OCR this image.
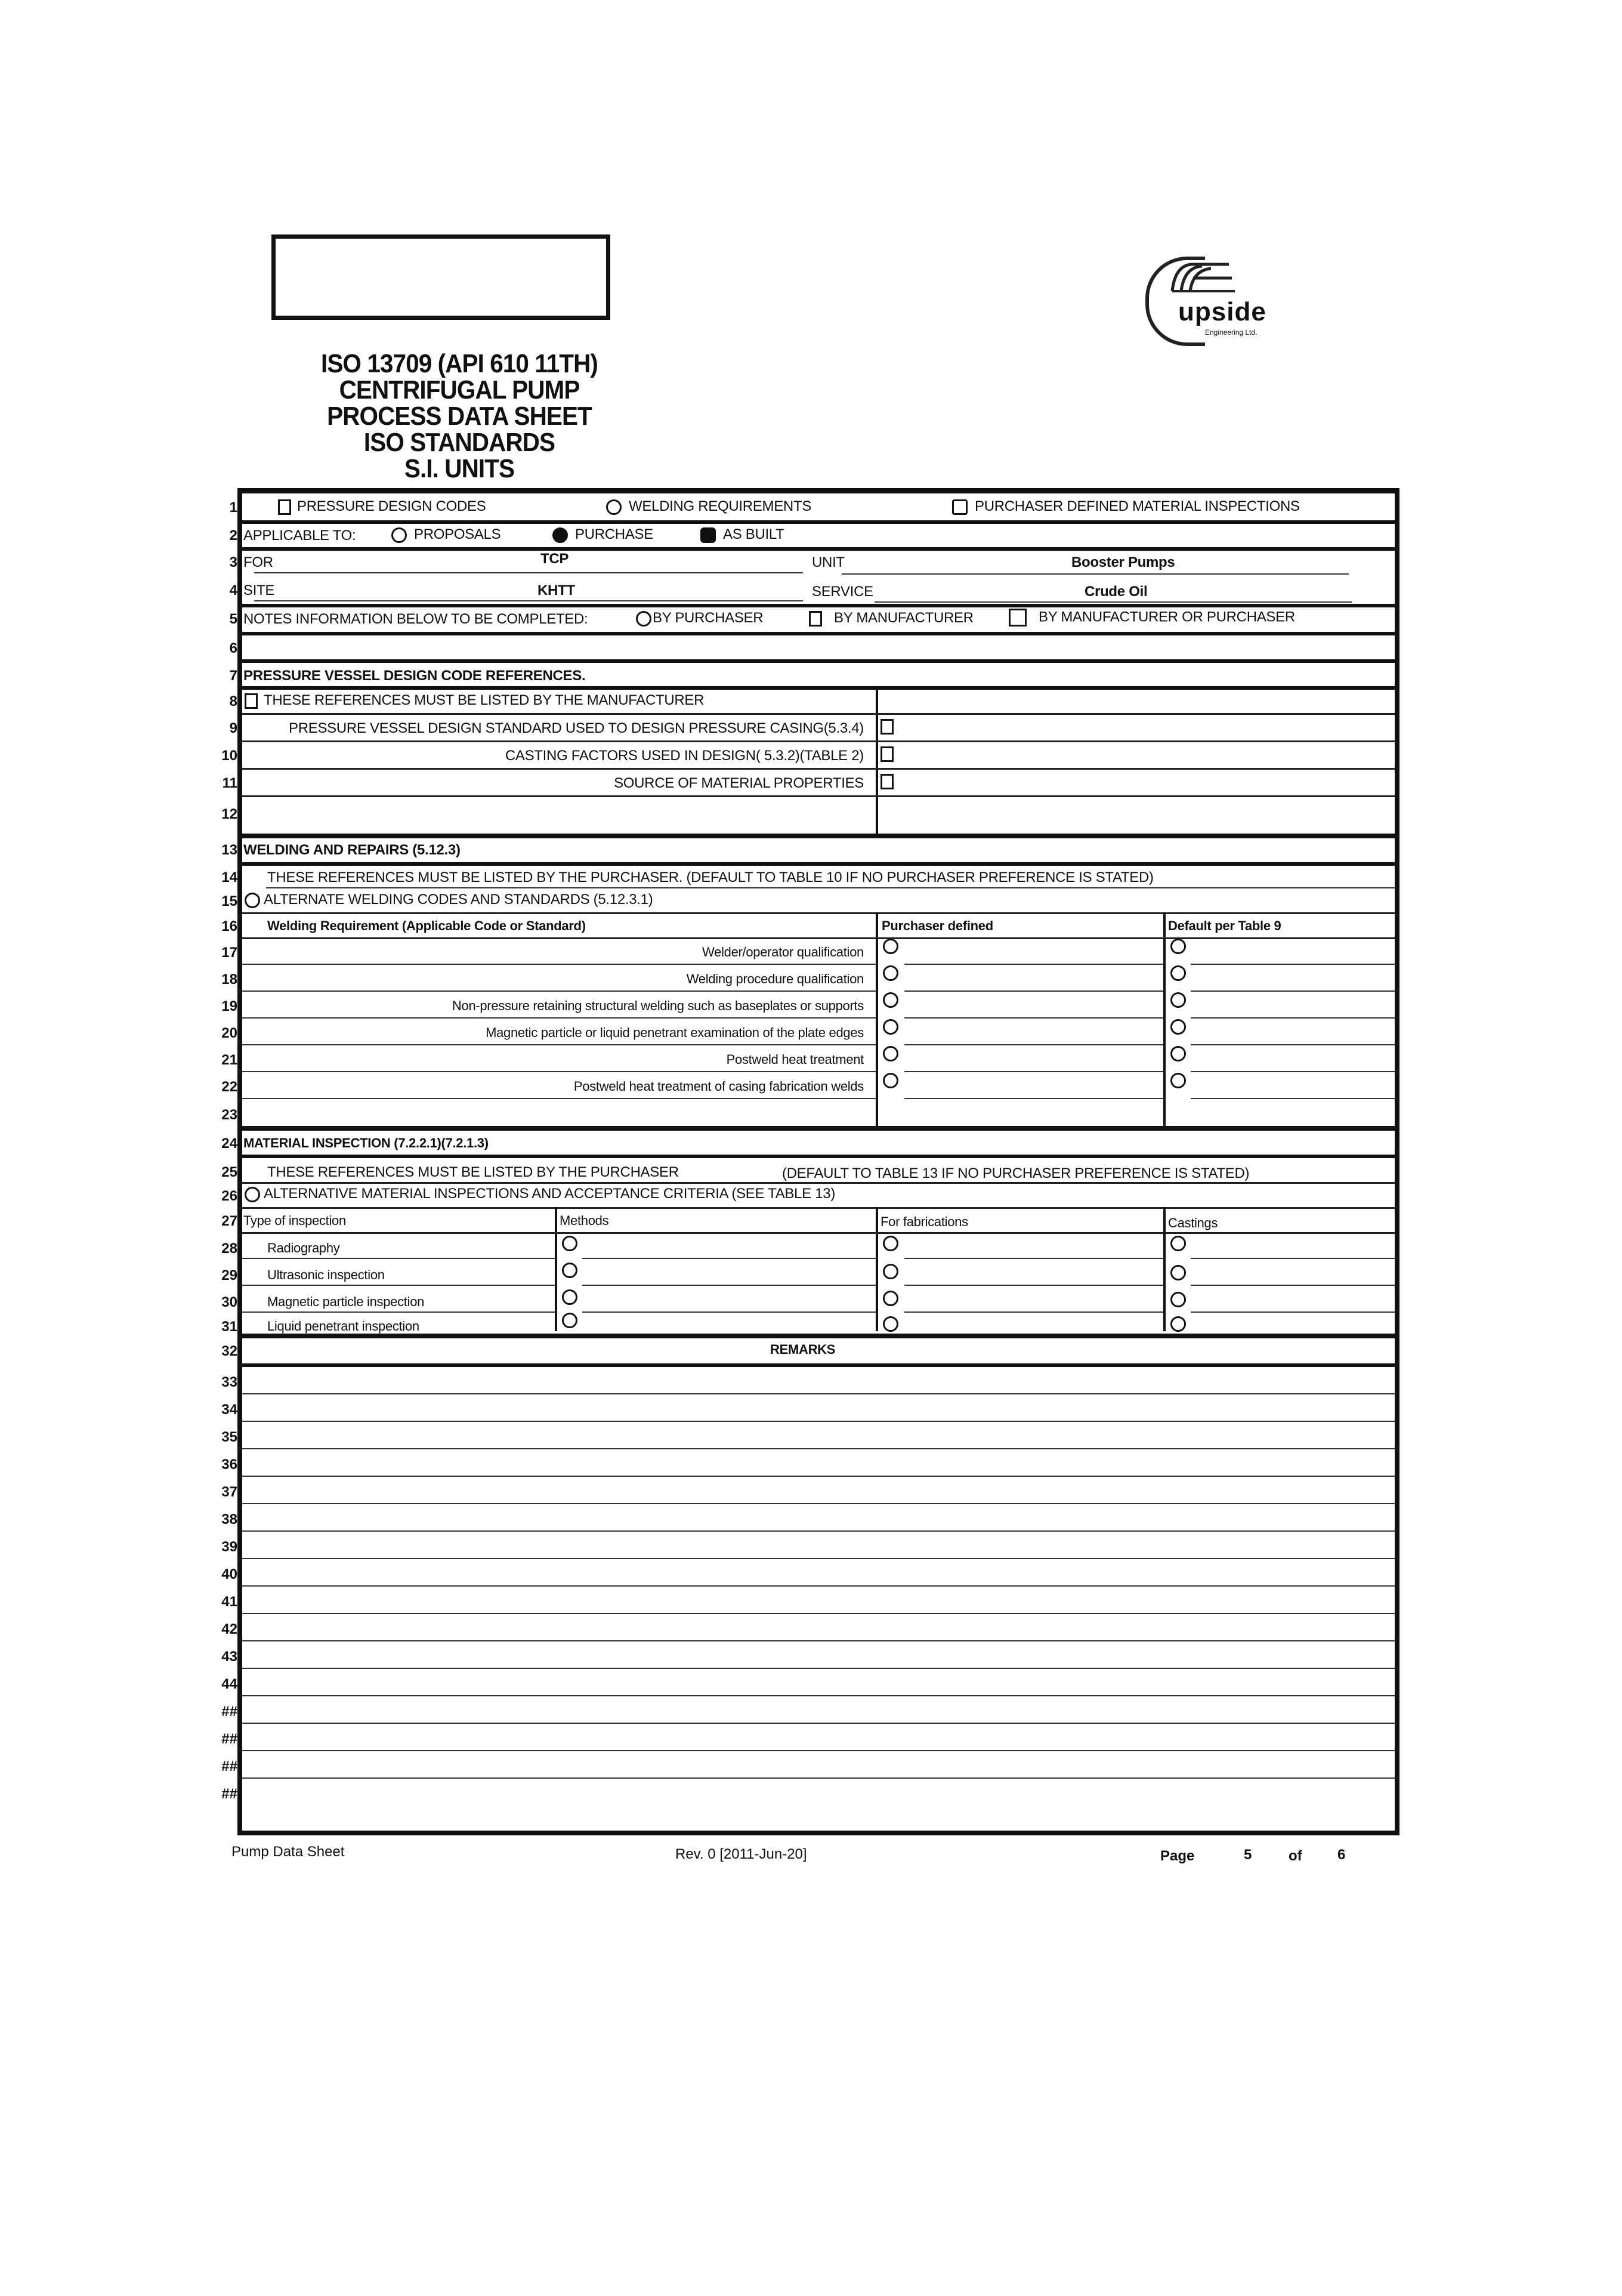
ISO 13709 (API 610 11TH)
CENTRIFUGAL PUMP
PROCESS DATA SHEET
ISO STANDARDS
S.I. UNITS
upside
Engineering Ltd.
1	PRESSURE DESIGN CODES	WELDING REQUIREMENTS	PURCHASER DEFINED MATERIAL INSPECTIONS
2 APPLICABLE TO:	PROPOSALS	PURCHASE	AS BUILT
3 FOR	TCP	UNIT	Booster Pumps
4 SITE	KHTT	SERVICE	Crude Oil
5 NOTES INFORMATION BELOW TO BE COMPLETED:	BY PURCHASER	BY MANUFACTURER	BY MANUFACTURER OR PURCHASER
6
7 PRESSURE VESSEL DESIGN CODE REFERENCES.
8	THESE REFERENCES MUST BE LISTED BY THE MANUFACTURER
9	PRESSURE VESSEL DESIGN STANDARD USED TO DESIGN PRESSURE CASING(5.3.4)
10	CASTING FACTORS USED IN DESIGN( 5.3.2)(TABLE 2)
11	SOURCE OF MATERIAL PROPERTIES
12
13 WELDING AND REPAIRS (5.12.3)
14 THESE REFERENCES MUST BE LISTED BY THE PURCHASER. (DEFAULT TO TABLE 10 IF NO PURCHASER PREFERENCE IS STATED)
15	ALTERNATE WELDING CODES AND STANDARDS (5.12.3.1)
16 Welding Requirement (Applicable Code or Standard)	Purchaser defined	Default per Table 9
17	Welder/operator qualification
18	Welding procedure qualification
19	Non-pressure retaining structural welding such as baseplates or supports
20	Magnetic particle or liquid penetrant examination of the plate edges
21	Postweld heat treatment
22	Postweld heat treatment of casing fabrication welds
23
24 MATERIAL INSPECTION (7.2.2.1)(7.2.1.3)
25 THESE REFERENCES MUST BE LISTED BY THE PURCHASER	(DEFAULT TO TABLE 13 IF NO PURCHASER PREFERENCE IS STATED)
26	ALTERNATIVE MATERIAL INSPECTIONS AND ACCEPTANCE CRITERIA (SEE TABLE 13)
27 Type of inspection	Methods	For fabrications	Castings
28 Radiography
29 Ultrasonic inspection
30 Magnetic particle inspection
31 Liquid penetrant inspection
32	REMARKS
33
34
35
36
37
38
39
40
41
42
43
44
##
##
##
##
Pump Data Sheet	Rev. 0 [2011-Jun-20]	Page	5	of 6
